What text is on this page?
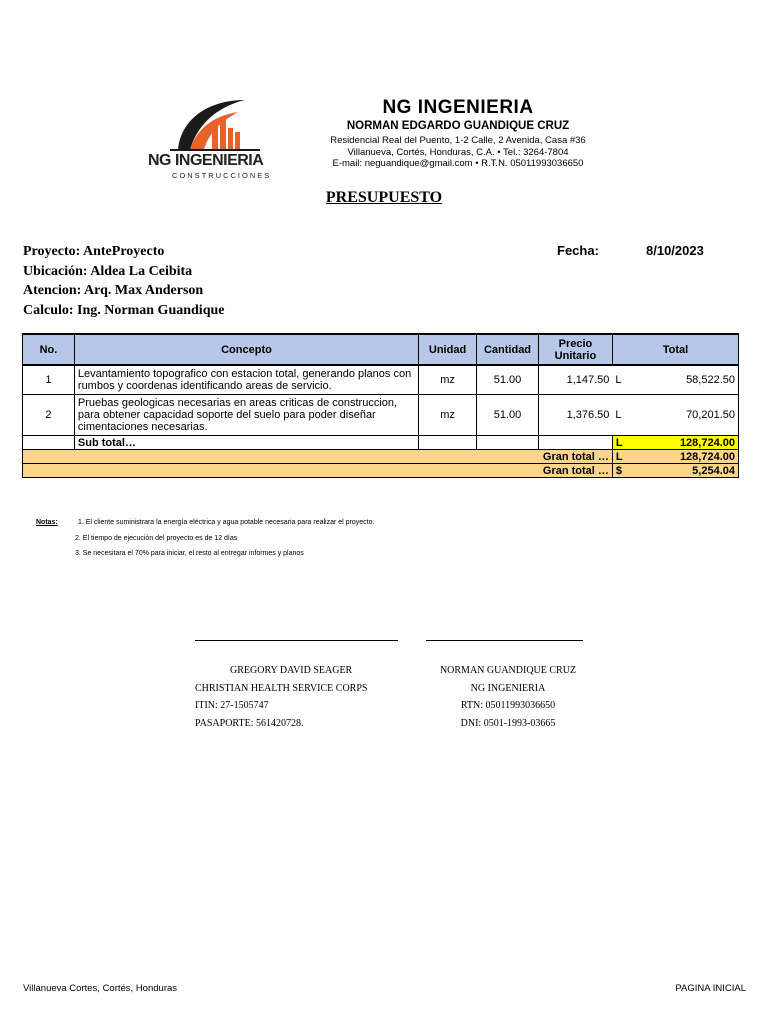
NG INGENIERIA
CONSTRUCCIONES
NG INGENIERIA
NORMAN EDGARDO GUANDIQUE CRUZ
Residencial Real del Puento, 1-2 Calle, 2 Avenida, Casa #36
Villanueva, Cortés, Honduras, C.A. • Tel.: 3264-7804
E-mail: neguandique@gmail.com • R.T.N. 05011993036650
PRESUPUESTO
Proyecto: AnteProyecto
Ubicación: Aldea La Ceibita
Atencion: Arq. Max Anderson
Calculo: Ing. Norman Guandique
Fecha:	8/10/2023
No.	Concepto	Unidad	Cantidad	Precio Unitario	Total	
1	Levantamiento topografico con estacion total, generando planos con rumbos y coordenas identificando areas de servicio.	mz	51.00	1,147.50	L	58,522.50
2	Pruebas geologicas necesarias en areas criticas de construccion, para obtener capacidad soporte del suelo para poder diseñar cimentaciones necesarias.	mz	51.00	1,376.50	L	70,201.50
	Sub total…				L	128,724.00
Gran total …					L	128,724.00
Gran total …					$	5,254.04
Notas:	1. El cliente suministrara la energía eléctrica y agua potable necesaria para realizar el proyecto.
2. El tiempo de ejecución del proyecto es de 12 días
3. Se necesitara el 70% para iniciar, el resto al entregar informes y planos
GREGORY DAVID SEAGER
CHRISTIAN HEALTH SERVICE CORPS
ITIN: 27-1505747
PASAPORTE: 561420728.
NORMAN GUANDIQUE CRUZ
NG INGENIERIA
RTN: 05011993036650
DNI: 0501-1993-03665
Villanueva Cortes, Cortés, Honduras	PAGINA INICIAL
